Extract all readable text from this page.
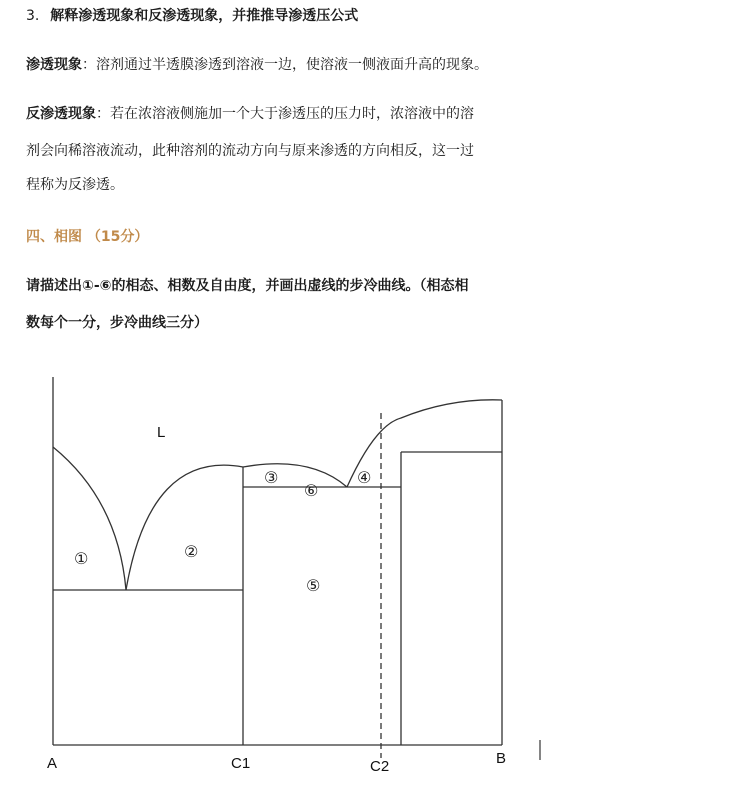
3. 解释渗透现象和反渗透现象，并推推导渗透压公式
渗透现象：溶剂通过半透膜渗透到溶液一边，使溶液一侧液面升高的现象。
反渗透现象：若在浓溶液侧施加一个大于渗透压的压力时，浓溶液中的溶
剂会向稀溶液流动，此种溶剂的流动方向与原来渗透的方向相反，这一过
程称为反渗透。
四、相图 （15分）
请描述出①-⑥的相态、相数及自由度，并画出虚线的步冷曲线。（相态相
数每个一分，步冷曲线三分）
L
①	②
③	④
⑤
⑥
A	C1	C2	B
